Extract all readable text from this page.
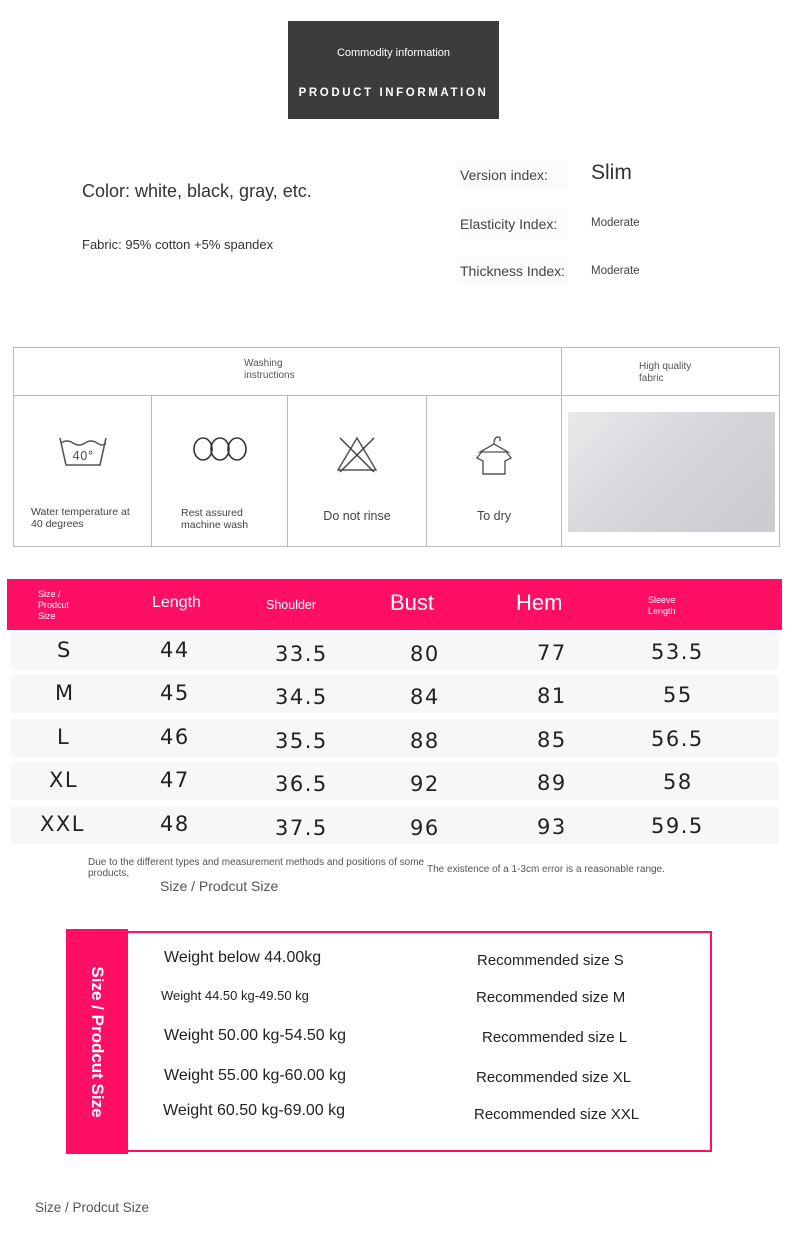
Commodity information
PRODUCT INFORMATION
Color: white, black, gray, etc.
Fabric: 95% cotton +5% spandex
Version index:	Slim
Elasticity Index:	Moderate
Thickness Index: Moderate
Washing instructions
High quality fabric
40°
Water temperature at 40 degrees
Rest assured machine wash
Do not rinse	To dry
Size / Prodcut Size
Length	Shoulder	Bust	Hem	Sleeve Length
S	44	33.5	80	77	53.5
M	45	34.5	84	81	55
L	46	35.5	88	85	56.5
XL	47	36.5	92	89	58
XXL	48	37.5	96	93	59.5
Due to the different types and measurement methods and positions of some products,	The existence of a 1-3cm error is a reasonable range.
Size / Prodcut Size
Size / Prodcut Size
Weight below 44.00kg	Recommended size S
Weight 44.50 kg-49.50 kg	Recommended size M
Weight 50.00 kg-54.50 kg	Recommended size L
Weight 55.00 kg-60.00 kg	Recommended size XL
Weight 60.50 kg-69.00 kg	Recommended size XXL
Size / Prodcut Size
